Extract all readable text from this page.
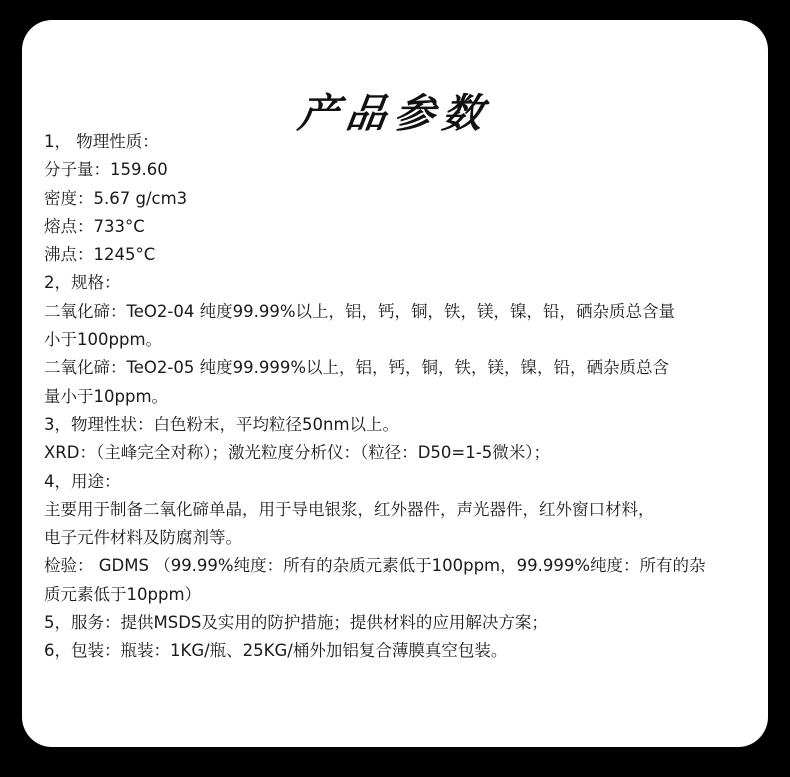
产品参数
1， 物理性质：
分子量：159.60
密度：5.67 g/cm3
熔点：733°C
沸点：1245°C
2，规格：
二氧化碲：TeO2-04 纯度99.99%以上，铝，钙，铜，铁，镁，镍，铅，硒杂质总含量
小于100ppm。
二氧化碲：TeO2-05 纯度99.999%以上，铝，钙，铜，铁，镁，镍，铅，硒杂质总含
量小于10ppm。
3，物理性状：白色粉末，平均粒径50nm以上。
XRD：（主峰完全对称）；激光粒度分析仪：（粒径：D50=1-5微米）；
4，用途：
主要用于制备二氧化碲单晶，用于导电银浆，红外器件，声光器件，红外窗口材料，
电子元件材料及防腐剂等。
检验： GDMS （99.99%纯度：所有的杂质元素低于100ppm，99.999%纯度：所有的杂
质元素低于10ppm）
5，服务：提供MSDS及实用的防护措施；提供材料的应用解决方案；
6，包装：瓶装：1KG/瓶、25KG/桶外加铝复合薄膜真空包装。
